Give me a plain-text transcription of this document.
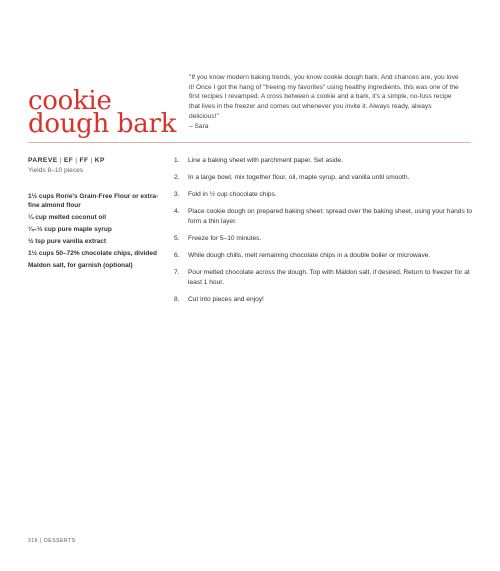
cookie
dough bark
"If you know modern baking trends, you know cookie dough bark. And chances are, you love it! Once I got the hang of "freeing my favorites" using healthy ingredients, this was one of the first recipes I revamped. A cross between a cookie and a bark, it's a simple, no-fuss recipe that lives in the freezer and comes out whenever you invite it. Always ready, always delicious!"
– Sara
PAREVE | EF | FF | KP
Yields 8–10 pieces
1½ cups Rorie's Grain-Free Flour or extra-fine almond flour
¼ cup melted coconut oil
¼–⅓ cup pure maple syrup
½ tsp pure vanilla extract
1½ cups 50–72% chocolate chips, divided
Maldon salt, for garnish (optional)
1.	Line a baking sheet with parchment paper. Set aside.
2.	In a large bowl, mix together flour, oil, maple syrup, and vanilla until smooth.
3.	Fold in ½ cup chocolate chips.
4.	Place cookie dough on prepared baking sheet; spread over the baking sheet, using your hands to form a thin layer.
5.	Freeze for 5–10 minutes.
6.	While dough chills, melt remaining chocolate chips in a double boiler or microwave.
7.	Pour melted chocolate across the dough. Top with Maldon salt, if desired. Return to freezer for at least 1 hour.
8.	Cut into pieces and enjoy!
316 | DESSERTS
